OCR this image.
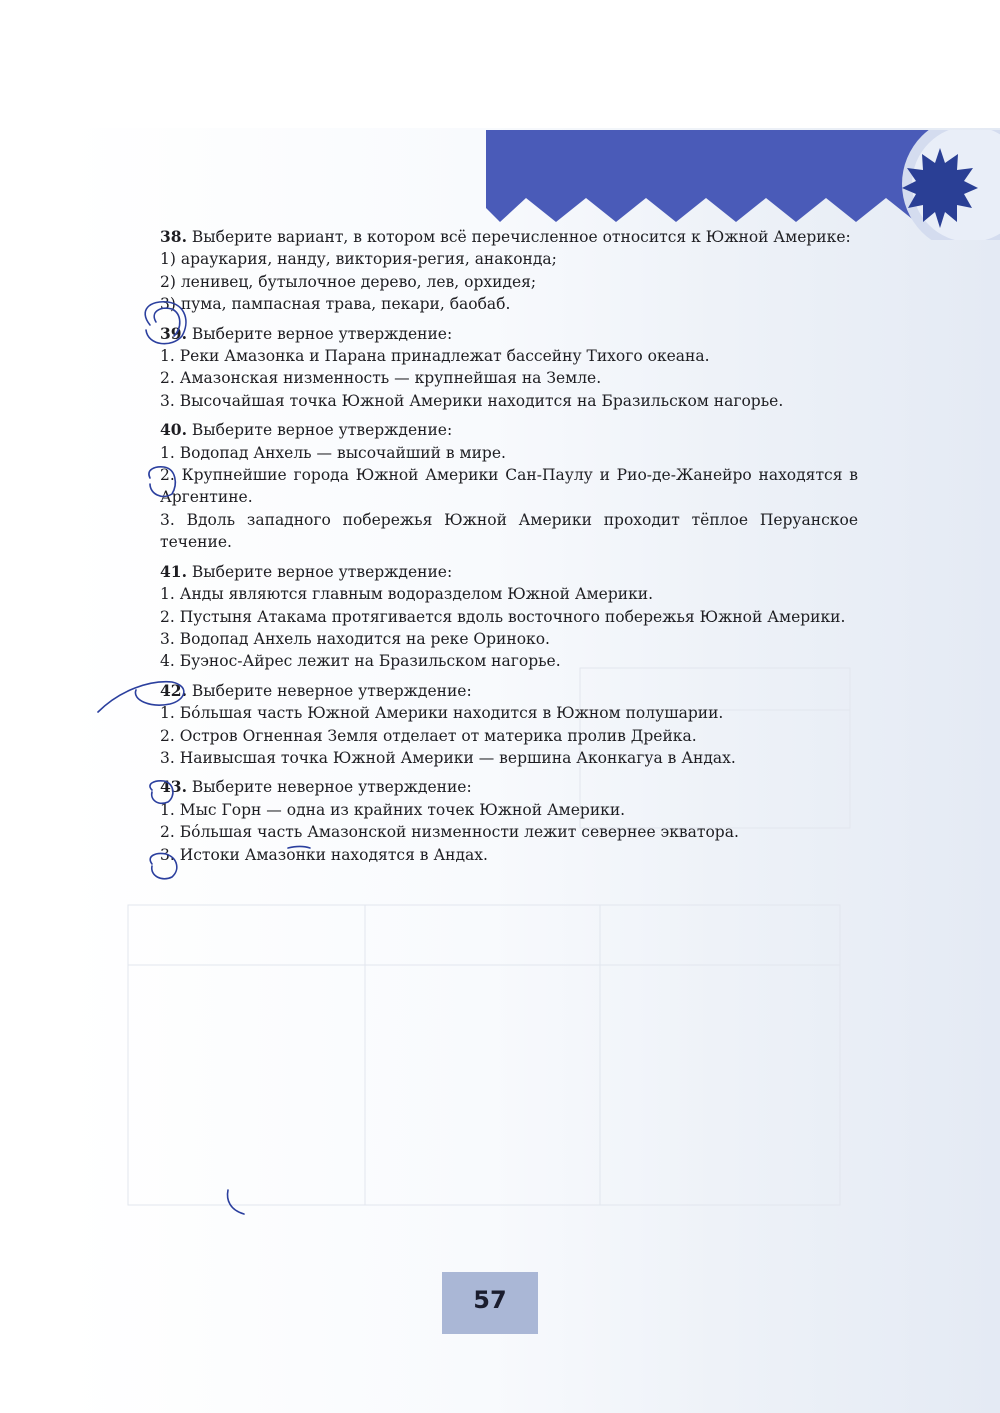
38. Выберите вариант, в котором всё перечисленное относится к Южной Америке:

1) араукария, нанду, виктория-регия, анаконда;
2) ленивец, бутылочное дерево, лев, орхидея;
3) пума, пампасная трава, пекари, баобаб.

39. Выберите верное утверждение:

1. Реки Амазонка и Парана принадлежат бассейну Тихого океана.
2. Амазонская низменность — крупнейшая на Земле.
3. Высочайшая точка Южной Америки находится на Бразильском нагорье.

40. Выберите верное утверждение:

1. Водопад Анхель — высочайший в мире.
2. Крупнейшие города Южной Америки Сан-Паулу и Рио-де-Жанейро находятся в Аргентине.
3. Вдоль западного побережья Южной Америки проходит тёплое Перуанское течение.

41. Выберите верное утверждение:

1. Анды являются главным водоразделом Южной Америки.
2. Пустыня Атакама протягивается вдоль восточного побережья Южной Америки.
3. Водопад Анхель находится на реке Ориноко.
4. Буэнос-Айрес лежит на Бразильском нагорье.

42. Выберите неверное утверждение:

1. Бóльшая часть Южной Америки находится в Южном полушарии.
2. Остров Огненная Земля отделает от материка пролив Дрейка.
3. Наивысшая точка Южной Америки — вершина Аконкагуа в Андах.

43. Выберите неверное утверждение:

1. Мыс Горн — одна из крайних точек Южной Америки.
2. Бóльшая часть Амазонской низменности лежит севернее экватора.
3. Истоки Амазонки находятся в Андах.
57
